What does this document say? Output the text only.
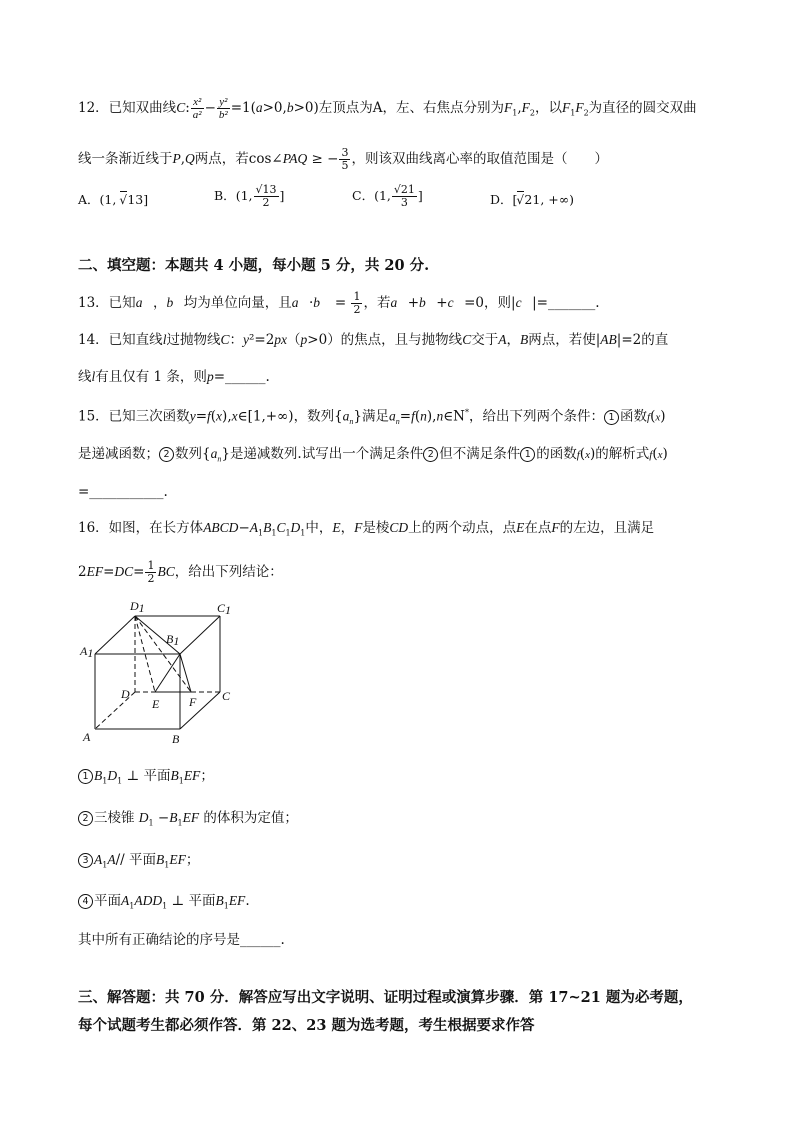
12．已知双曲线C: $\frac{\text{x²}}{\text{a²}} - \frac{\text{y²}}{\text{b²}} =1(a>0,b>0)$左顶点为A，左、右焦点分别为$F_1,F_2$，以$F_1F_2$为直径的圆交双曲
线一条渐近线于P,Q两点，若cos∠PAQ ≥ − $\frac{3}{5}$ ，则该双曲线离心率的取值范围是（　　）
A．(1, √ 13]	B．(1, $\frac{√13}{2}$ ]	C．(1, $\frac{√21}{3}$ ]	D．[ √ 21, +∞)
二、填空题：本题共 4 小题，每小题 5 分，共 20 分.
13．已知a⃗，b⃗均为单位向量，且a⃗·b⃗ = $\frac{1}{2}$ ，若a⃗+b⃗+c⃗=0，则|c⃗|=_______.
14．已知直线l过抛物线C：y²=2px（p>0）的焦点，且与抛物线C交于A，B两点，若使|AB|=2的直
线l有且仅有 1 条，则p=______.
15．已知三次函数y=f(x),x∈[1,+∞)，数列$\{a_n\}$满足$a_n=f(n),n\in N^*$，给出下列两个条件： 1 函数f(x)
是递减函数； 2 数列$\{a_n\}$是递减数列.试写出一个满足条件 2 但不满足条件 1 的函数f(x)的解析式f(x)
=___________.
16．如图，在长方体$ABCD-A_1B_1C_1D_1$中，E，F是棱CD上的两个动点，点E在点F的左边，且满足
$2EF=DC= \frac{1}{2}$ BC，给出下列结论：
D1	C1
A1
B1
D
E F C
A	B
1 $B_1D_1$ ⊥ 平面$B_1EF$；
2 三棱锥 $D_1 -B_1EF$ 的体积为定值；
3 $A_1A//$ 平面$B_1EF$；
4 平面$A_1ADD_1$ ⊥ 平面$B_1EF$.
其中所有正确结论的序号是______.
三、解答题：共 70 分．解答应写出文字说明、证明过程或演算步骤．第 17~21 题为必考题，
每个试题考生都必须作答．第 22、23 题为选考题，考生根据要求作答
